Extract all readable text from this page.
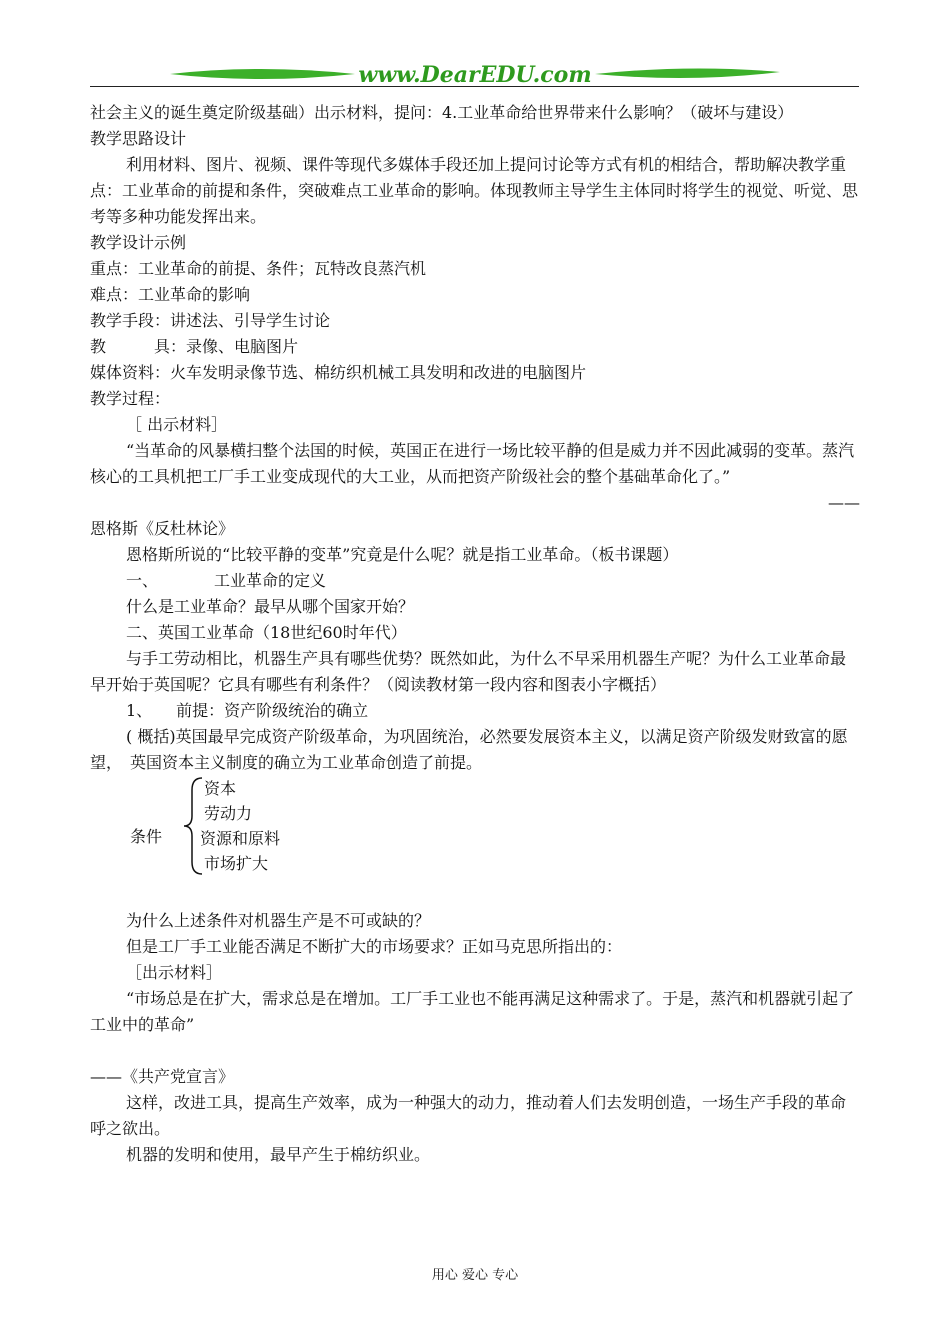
www.DearEDU.com

社会主义的诞生奠定阶级基础）出示材料，提问：4.工业革命给世界带来什么影响？（破坏与建设）

教学思路设计

利用材料、图片、视频、课件等现代多媒体手段还加上提问讨论等方式有机的相结合，帮助解决教学重点：工业革命的前提和条件，突破难点工业革命的影响。体现教师主导学生主体同时将学生的视觉、听觉、思考等多种功能发挥出来。

教学设计示例

重点：工业革命的前提、条件；瓦特改良蒸汽机

难点：工业革命的影响

教学手段：讲述法、引导学生讨论

教　　　具：录像、电脑图片

媒体资料：火车发明录像节选、棉纺织机械工具发明和改进的电脑图片

教学过程：

［ 出示材料］

“当革命的风暴横扫整个法国的时候，英国正在进行一场比较平静的但是威力并不因此减弱的变革。蒸汽核心的工具机把工厂手工业变成现代的大工业，从而把资产阶级社会的整个基础革命化了。”

——

恩格斯《反杜林论》

恩格斯所说的“比较平静的变革”究竟是什么呢？就是指工业革命。（板书课题）

一、　　　　工业革命的定义

什么是工业革命？最早从哪个国家开始？

二、英国工业革命（18世纪60时年代）

与手工劳动相比，机器生产具有哪些优势？既然如此，为什么不早采用机器生产呢？为什么工业革命最早开始于英国呢？它具有哪些有利条件？（阅读教材第一段内容和图表小字概括）

1、　　前提：资产阶级统治的确立

( 概括)英国最早完成资产阶级革命，为巩固统治，必然要发展资本主义，以满足资产阶级发财致富的愿望，　英国资本主义制度的确立为工业革命创造了前提。

条件
资本
劳动力
资源和原料
市场扩大

为什么上述条件对机器生产是不可或缺的？

但是工厂手工业能否满足不断扩大的市场要求？正如马克思所指出的：

［出示材料］

“市场总是在扩大，需求总是在增加。工厂手工业也不能再满足这种需求了。于是，蒸汽和机器就引起了工业中的革命”

——《共产党宣言》

这样，改进工具，提高生产效率，成为一种强大的动力，推动着人们去发明创造，一场生产手段的革命呼之欲出。

机器的发明和使用，最早产生于棉纺织业。

用心 爱心 专心
